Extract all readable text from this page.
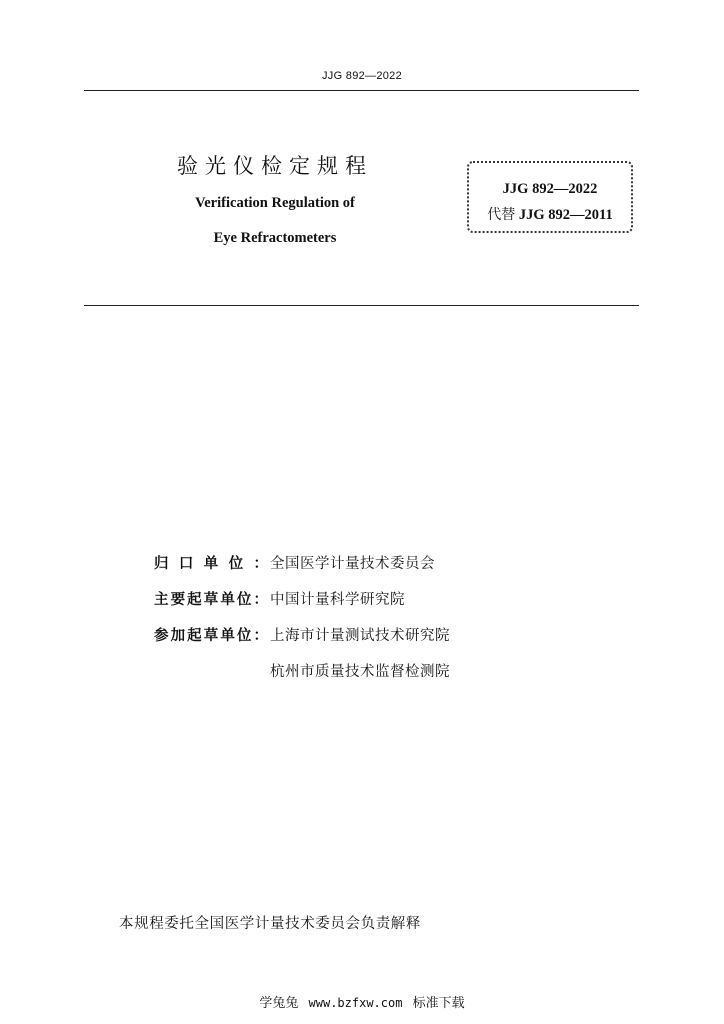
JJG 892—2022
验光仪检定规程
Verification Regulation of
Eye Refractometers
JJG 892—2022
代替 JJG 892—2011
归口单位： 全国医学计量技术委员会
主要起草单位： 中国计量科学研究院
参加起草单位： 上海市计量测试技术研究院
杭州市质量技术监督检测院
本规程委托全国医学计量技术委员会负责解释
学兔兔 www.bzfxw.com 标准下载
